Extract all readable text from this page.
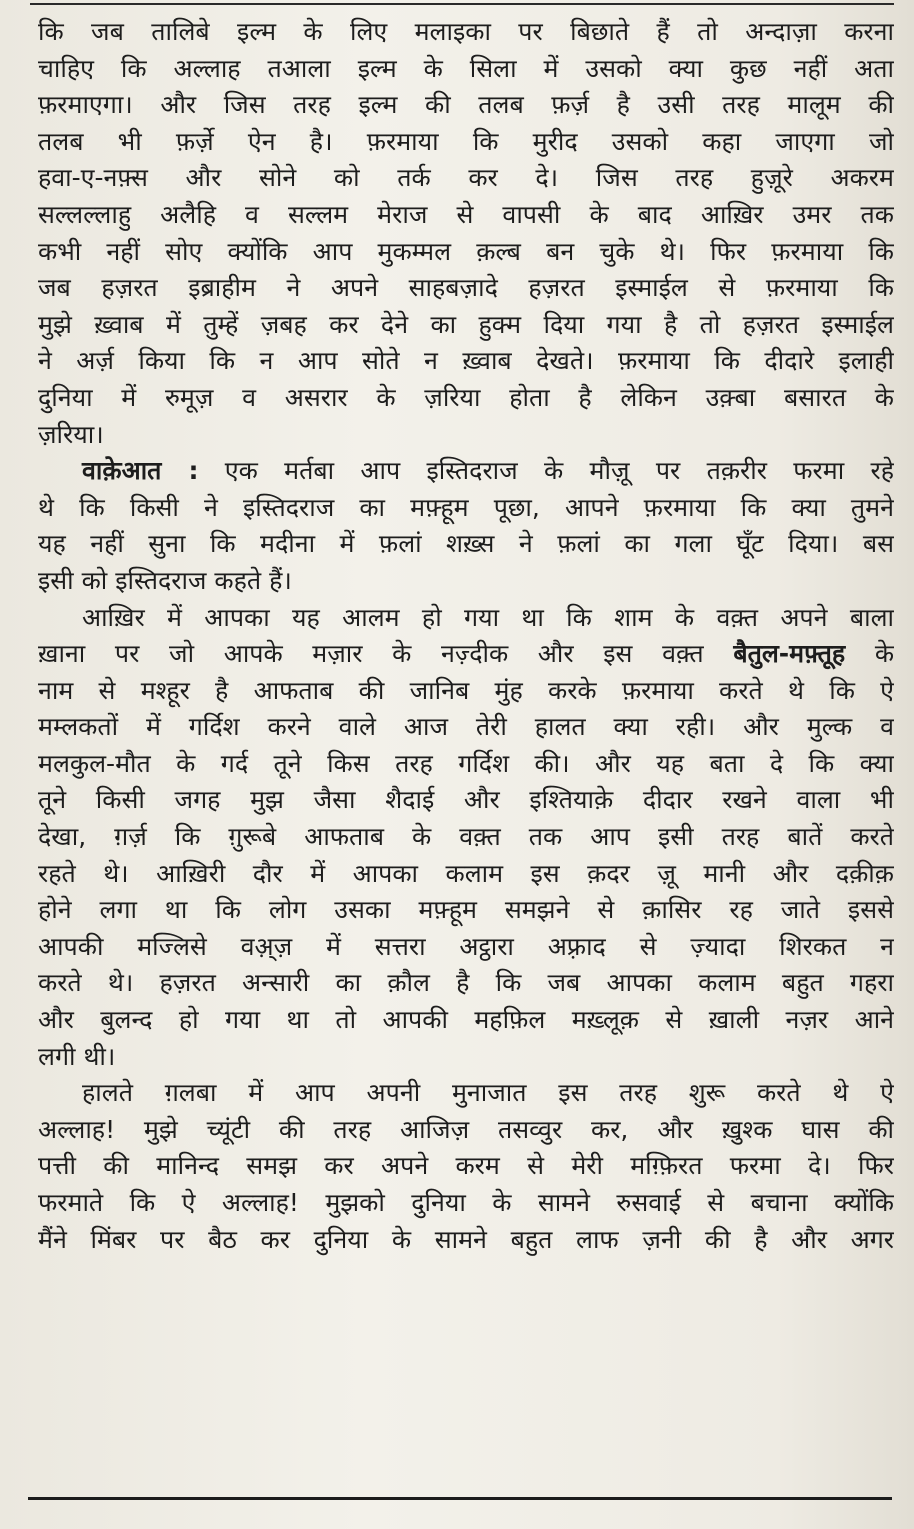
कि जब तालिबे इल्म के लिए मलाइका पर बिछाते हैं तो अन्दाज़ा करना
चाहिए कि अल्लाह तआला इल्म के सिला में उसको क्या कुछ नहीं अता
फ़रमाएगा। और जिस तरह इल्म की तलब फ़र्ज़ है उसी तरह मालूम की
तलब भी फ़र्ज़े ऐन है। फ़रमाया कि मुरीद उसको कहा जाएगा जो
हवा-ए-नफ़्स और सोने को तर्क कर दे। जिस तरह हुज़ूरे अकरम
सल्लल्लाहु अलैहि व सल्लम मेराज से वापसी के बाद आख़िर उमर तक
कभी नहीं सोए क्योंकि आप मुकम्मल क़ल्ब बन चुके थे। फिर फ़रमाया कि
जब हज़रत इब्राहीम ने अपने साहबज़ादे हज़रत इस्माईल से फ़रमाया कि
मुझे ख़्वाब में तुम्हें ज़बह कर देने का हुक्म दिया गया है तो हज़रत इस्माईल
ने अर्ज़ किया कि न आप सोते न ख़्वाब देखते। फ़रमाया कि दीदारे इलाही
दुनिया में रुमूज़ व असरार के ज़रिया होता है लेकिन उक़्बा बसारत के
ज़रिया।
वाक़ेआत : एक मर्तबा आप इस्तिदराज के मौज़ू पर तक़रीर फरमा रहे
थे कि किसी ने इस्तिदराज का मफ़्हूम पूछा, आपने फ़रमाया कि क्या तुमने
यह नहीं सुना कि मदीना में फ़लां शख़्स ने फ़लां का गला घूँट दिया। बस
इसी को इस्तिदराज कहते हैं।
आख़िर में आपका यह आलम हो गया था कि शाम के वक़्त अपने बाला
ख़ाना पर जो आपके मज़ार के नज़्दीक और इस वक़्त बैतुल-मफ़्तूह के
नाम से मश्हूर है आफताब की जानिब मुंह करके फ़रमाया करते थे कि ऐ
मम्लकतों में गर्दिश करने वाले आज तेरी हालत क्या रही। और मुल्क व
मलकुल-मौत के गर्द तूने किस तरह गर्दिश की। और यह बता दे कि क्या
तूने किसी जगह मुझ जैसा शैदाई और इश्तियाक़े दीदार रखने वाला भी
देखा, ग़र्ज़ कि ग़ुरूबे आफताब के वक़्त तक आप इसी तरह बातें करते
रहते थे। आख़िरी दौर में आपका कलाम इस क़दर ज़ू मानी और दक़ीक़
होने लगा था कि लोग उसका मफ़्हूम समझने से क़ासिर रह जाते इससे
आपकी मज्लिसे वअ़्ज़ में सत्तरा अट्ठारा अफ़्राद से ज़्यादा शिरकत न
करते थे। हज़रत अन्सारी का क़ौल है कि जब आपका कलाम बहुत गहरा
और बुलन्द हो गया था तो आपकी महफ़िल मख़्लूक़ से ख़ाली नज़र आने
लगी थी।
हालते ग़लबा में आप अपनी मुनाजात इस तरह शुरू करते थे ऐ
अल्लाह! मुझे च्यूंटी की तरह आजिज़ तसव्वुर कर, और ख़ुश्क घास की
पत्ती की मानिन्द समझ कर अपने करम से मेरी मग़्फ़िरत फरमा दे। फिर
फरमाते कि ऐ अल्लाह! मुझको दुनिया के सामने रुसवाई से बचाना क्योंकि
मैंने मिंबर पर बैठ कर दुनिया के सामने बहुत लाफ ज़नी की है और अगर
